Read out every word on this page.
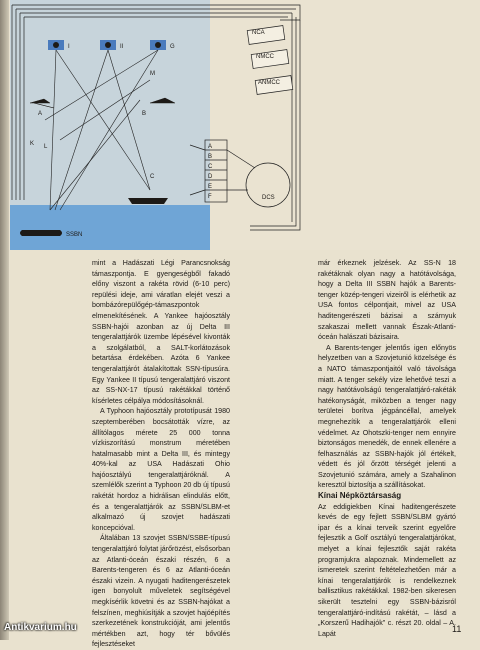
I	II	G
M
A	B
K L
C
SSBN
NCA
NMCC
ANMCC
A
B
C
D
E
F	DCS

mint a Hadászati Légi Parancsnokság támaszpontja. E gyengeségből fakadó előny viszont a rakéta rövid (6-10 perc) repülési ideje, ami váratlan elejét veszi a bombázórepülőgép-támaszpontok elmenekítésének. A Yankee hajóosztály SSBN-hajói azonban az új Delta III tengeralattjárók üzembe lépésével kivonták a szolgálatból, a SALT-korlátozások betartása érdekében. Azóta 6 Yankee tengeralattjárót átalakítottak SSN-típusúra. Egy Yankee II típusú tengeralattjáró viszont az SS-NX-17 típusú rakétákkal történő kísérletes célpálya módosításoknál.

A Typhoon hajóosztály prototípusát 1980 szeptemberében bocsátották vízre, az állítólagos mérete 25 000 tonna vízkiszorítású monstrum méretében hatalmasabb mint a Delta III, és mintegy 40%-kal az USA Hadászati Ohio hajóosztályú tengeralattjáróknál. A szemlélők szerint a Typhoon 20 db új típusú rakétát hordoz a hidrálisan elindulás előtt, és a tengeralattjárók az SSBN/SLBM-et alkalmazó új szovjet hadászati koncepcióval.

Általában 13 szovjet SSBN/SSBE-típusú tengeralattjáró folytat járőrözést, elsősorban az Atlanti-óceán északi részén, 6 a Barents-tengeren és 6 az Atlanti-óceán északi vizein. A nyugati haditengerészetek igen bonyolult műveletek segítségével megkísérlik követni és az SSBN-hajókat a felszínen, meghiúsítják a szovjet hajóépítés szerkezetének konstrukcióját, ami jelentős mértékben azt, hogy tér bővülés fejlesztéseket

már érkeznek jelzések. Az SS-N 18 rakétáknak olyan nagy a hatótávolsága, hogy a Delta III SSBN hajók a Barents-tenger közép-tengeri vizeiről is elérhetik az USA fontos célpontjait, mivel az USA haditengerészeti bázisai a szárnyuk szakaszai mellett vannak Észak-Atlanti-óceán halászati bázisaira.

A Barents-tenger jelentős igen előnyös helyzetben van a Szovjetunió közelsége és a NATO támaszpontjaitól való távolsága miatt. A tenger sekély vize lehetővé teszi a nagy hatótávolságú tengeralattjáró-rakéták hatékonyságát, miközben a tenger nagy területei borítva jégpáncéllal, amelyek megnehezítik a tengeralattjárók elleni védelmet. Az Ohotszki-tenger nem ennyire biztonságos menedék, de ennek ellenére a felhasználás az SSBN-hajók jól értékelt, védett és jól őrzött térségét jelenti a Szovjetunió számára, amely a Szahalinon keresztül biztosítja a szállításokat.

Kínai Népköztársaság

Az eddigiekben Kínai haditengerészete kevés de egy fejlett SSBN/SLBM gyártó ipar és a kínai terveik szerint egyelőre fejlesztik a Golf osztályú tengeralattjárókat, melyet a kínai fejlesztők saját rakéta programjukra alapoznak. Mindemellett az ismeretek szerint feltételezhetően már a kínai tengeralattjárók is rendelkeznek ballisztikus rakétákkal. 1982-ben sikeresen sikerült tesztelni egy SSBN-bázisról tengeralattjáró-indítású rakétát, – lásd a „Korszerű Hadihajók" c. részt 20. oldal – A. Lapát	11
Antikvarium.hu
